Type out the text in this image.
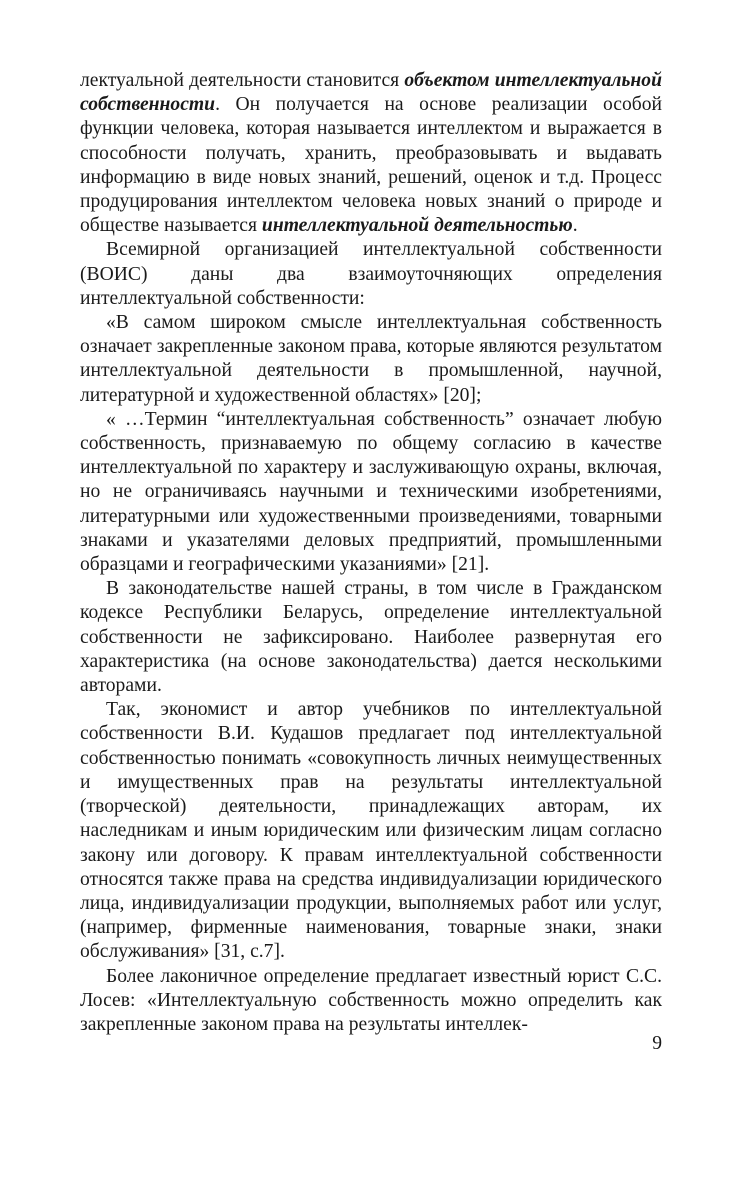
лектуальной деятельности становится объектом интеллектуальной собственности. Он получается на основе реализации особой функции человека, которая называется интеллектом и выражается в способности получать, хранить, преобразовывать и выдавать информацию в виде новых знаний, решений, оценок и т.д. Процесс продуцирования интеллектом человека новых знаний о природе и обществе называется интеллектуальной деятельностью.

Всемирной организацией интеллектуальной собственности (ВОИС) даны два взаимоуточняющих определения интеллектуальной собственности:

«В самом широком смысле интеллектуальная собственность означает закрепленные законом права, которые являются результатом интеллектуальной деятельности в промышленной, научной, литературной и художественной областях» [20];

« …Термин “интеллектуальная собственность” означает любую собственность, признаваемую по общему согласию в качестве интеллектуальной по характеру и заслуживающую охраны, включая, но не ограничиваясь научными и техническими изобретениями, литературными или художественными произведениями, товарными знаками и указателями деловых предприятий, промышленными образцами и географическими указаниями» [21].

В законодательстве нашей страны, в том числе в Гражданском кодексе Республики Беларусь, определение интеллектуальной собственности не зафиксировано. Наиболее развернутая его характеристика (на основе законодательства) дается несколькими авторами.

Так, экономист и автор учебников по интеллектуальной собственности В.И. Кудашов предлагает под интеллектуальной собственностью понимать «совокупность личных неимущественных и имущественных прав на результаты интеллектуальной (творческой) деятельности, принадлежащих авторам, их наследникам и иным юридическим или физическим лицам согласно закону или договору. К правам интеллектуальной собственности относятся также права на средства индивидуализации юридического лица, индивидуализации продукции, выполняемых работ или услуг, (например, фирменные наименования, товарные знаки, знаки обслуживания» [31, с.7].

Более лаконичное определение предлагает известный юрист С.С. Лосев: «Интеллектуальную собственность можно определить как закрепленные законом права на результаты интеллек-

9
